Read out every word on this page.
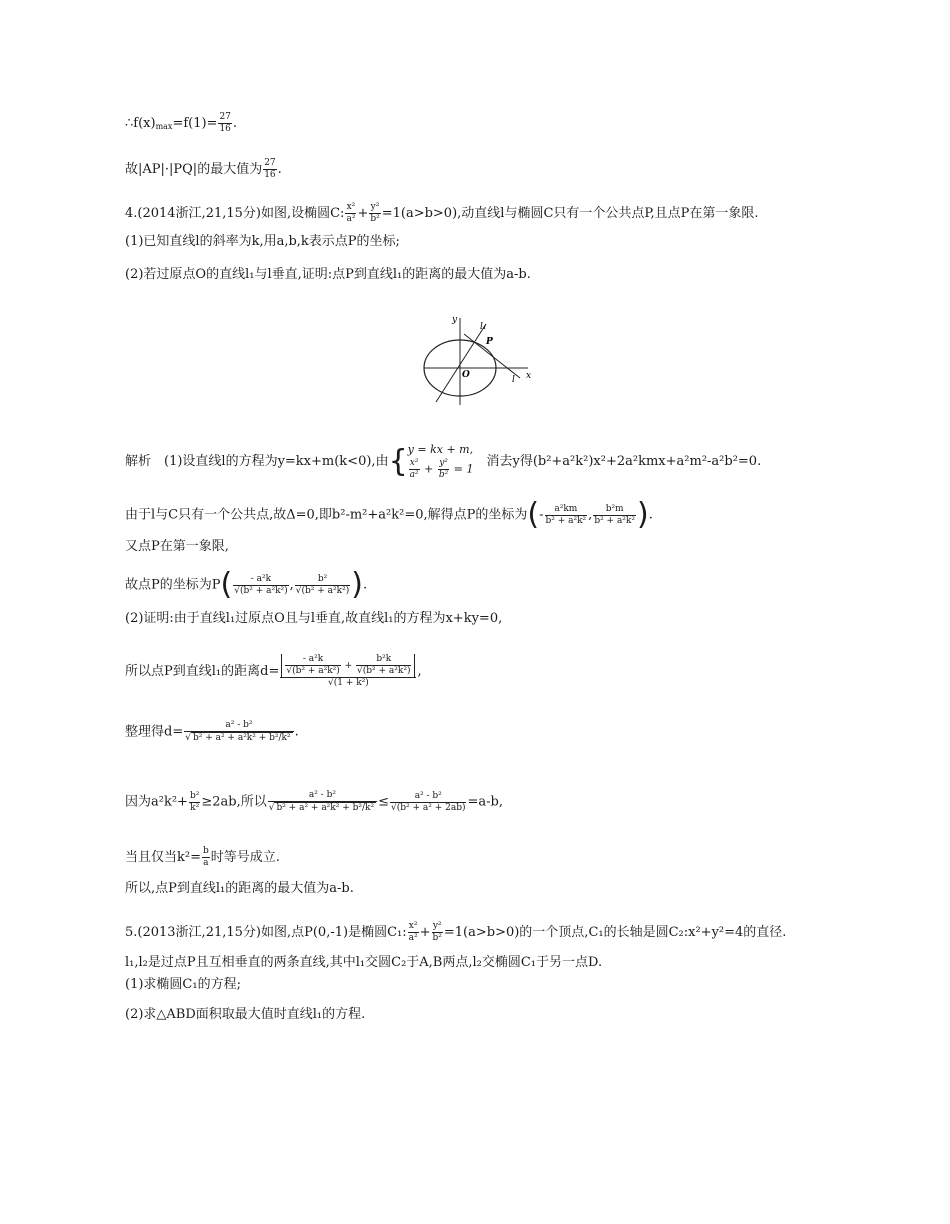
$\therefore f(x)_{max}=f(1)= \frac{27}{16}$ .
故|AP|·|PQ|的最大值为 $\frac{27}{16}$ .
4.(2014浙江,21,15分)如图,设椭圆C: $\frac{\text{x²}}{\text{a²}} + \frac{\text{y²}}{\text{b²}} =1(a>b>0)$,动直线l与椭圆C只有一个公共点P,且点P在第一象限.
(1)已知直线l的斜率为k,用a,b,k表示点P的坐标;
(2)若过原点O的直线l₁与l垂直,证明:点P到直线l₁的距离的最大值为a-b.
y
x
O
P
l
l₁
解析　(1)设直线l的方程为y=kx+m(k<0),由{ y = kx + m,
$\frac{\text{x²}}{\text{a²}} + \frac{\text{y²}}{\text{b²}} = 1$
　 消去y得(b²+a²k²)x²+2a²kmx+a²m²-a²b²=0.
由于l与C只有一个公共点,故Δ=0,即b²-m²+a²k²=0,解得点P的坐标为(- $\frac{\text{a²km}}{\text{b² + a²k²}}$ , $\frac{\text{b²m}}{\text{b² + a²k²}}$ ).
又点P在第一象限,
故点P的坐标为$P( \frac{\text{- a²k}}{\text{√(b² + a²k²)}}$ , $\frac{\text{b²}}{\text{√(b² + a²k²)}}$ ).
(2)证明:由于直线l₁过原点O且与l垂直,故直线l₁的方程为x+ky=0,
所以点P到直线l₁的距离$d= \frac{\frac{\text{- a²k}}{\text{√(b² + a²k²)}} + \frac{\text{b²k}}{\text{√(b² + a²k²)}}}{\text{√(1 + k²)}}$ ,
整理得$d= \frac{\text{a² - b²}}{\text{√ b² + a² + a²k² + b²/k²}}$ .
因为$a^2k^2+ \frac{\text{b²}}{\text{k²}} \ge 2ab$,所以 $\frac{\text{a² - b²}}{\text{√ b² + a² + a²k² + b²/k²}} \le \frac{\text{a² - b²}}{\text{√(b² + a² + 2ab)}} =a-b$,
当且仅当$k^2= \frac{b}{a}$ 时等号成立.
所以,点P到直线l₁的距离的最大值为a-b.
5.(2013浙江,21,15分)如图,点P(0,-1)是椭圆C₁: $\frac{\text{x²}}{\text{a²}} + \frac{\text{y²}}{\text{b²}} =1(a>b>0)$的一个顶点,C₁的长轴是圆C₂:x²+y²=4的直径.
l₁,l₂是过点P且互相垂直的两条直线,其中l₁交圆C₂于A,B两点,l₂交椭圆C₁于另一点D.
(1)求椭圆C₁的方程;
(2)求△ABD面积取最大值时直线l₁的方程.
